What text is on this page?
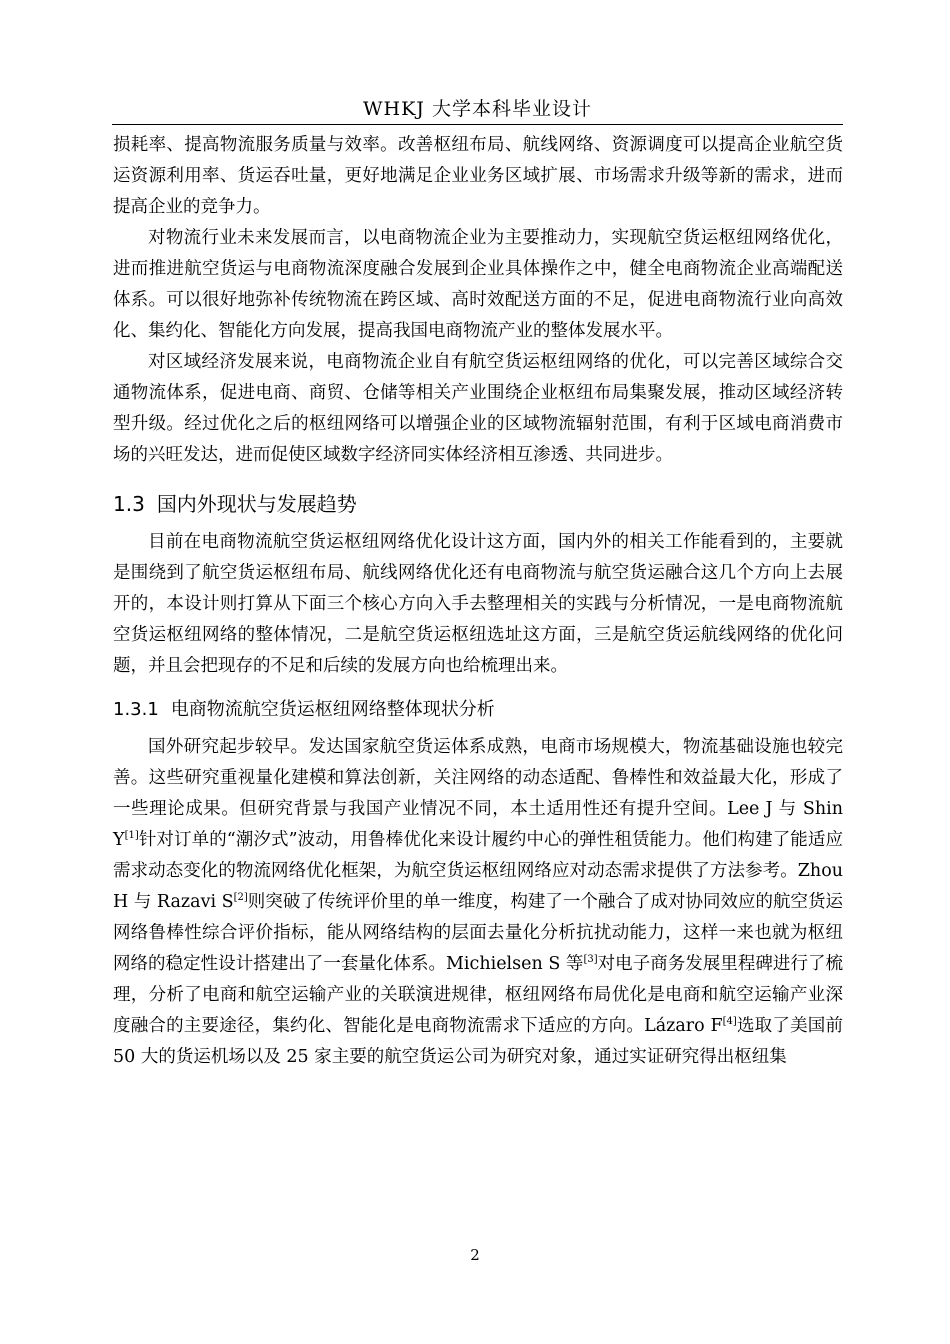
WHKJ 大学本科毕业设计

损耗率、提高物流服务质量与效率。改善枢纽布局、航线网络、资源调度可以提高企业航空货运资源利用率、货运吞吐量，更好地满足企业业务区域扩展、市场需求升级等新的需求，进而提高企业的竞争力。

对物流行业未来发展而言，以电商物流企业为主要推动力，实现航空货运枢纽网络优化，进而推进航空货运与电商物流深度融合发展到企业具体操作之中，健全电商物流企业高端配送体系。可以很好地弥补传统物流在跨区域、高时效配送方面的不足，促进电商物流行业向高效化、集约化、智能化方向发展，提高我国电商物流产业的整体发展水平。

对区域经济发展来说，电商物流企业自有航空货运枢纽网络的优化，可以完善区域综合交通物流体系，促进电商、商贸、仓储等相关产业围绕企业枢纽布局集聚发展，推动区域经济转型升级。经过优化之后的枢纽网络可以增强企业的区域物流辐射范围，有利于区域电商消费市场的兴旺发达，进而促使区域数字经济同实体经济相互渗透、共同进步。

1.3 国内外现状与发展趋势

目前在电商物流航空货运枢纽网络优化设计这方面，国内外的相关工作能看到的，主要就是围绕到了航空货运枢纽布局、航线网络优化还有电商物流与航空货运融合这几个方向上去展开的，本设计则打算从下面三个核心方向入手去整理相关的实践与分析情况，一是电商物流航空货运枢纽网络的整体情况，二是航空货运枢纽选址这方面，三是航空货运航线网络的优化问题，并且会把现存的不足和后续的发展方向也给梳理出来。

1.3.1 电商物流航空货运枢纽网络整体现状分析

国外研究起步较早。发达国家航空货运体系成熟，电商市场规模大，物流基础设施也较完善。这些研究重视量化建模和算法创新，关注网络的动态适配、鲁棒性和效益最大化，形成了一些理论成果。但研究背景与我国产业情况不同，本土适用性还有提升空间。Lee J 与 Shin Y[1]针对订单的“潮汐式”波动，用鲁棒优化来设计履约中心的弹性租赁能力。他们构建了能适应需求动态变化的物流网络优化框架，为航空货运枢纽网络应对动态需求提供了方法参考。Zhou H 与 Razavi S[2]则突破了传统评价里的单一维度，构建了一个融合了成对协同效应的航空货运网络鲁棒性综合评价指标，能从网络结构的层面去量化分析抗扰动能力，这样一来也就为枢纽网络的稳定性设计搭建出了一套量化体系。Michielsen S 等[3]对电子商务发展里程碑进行了梳理，分析了电商和航空运输产业的关联演进规律，枢纽网络布局优化是电商和航空运输产业深度融合的主要途径，集约化、智能化是电商物流需求下适应的方向。Lázaro F[4]选取了美国前 50 大的货运机场以及 25 家主要的航空货运公司为研究对象，通过实证研究得出枢纽集

2
